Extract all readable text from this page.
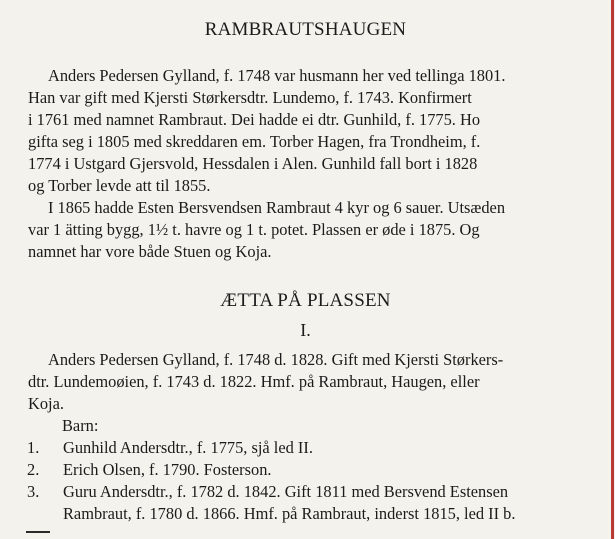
RAMBRAUTSHAUGEN
Anders Pedersen Gylland, f. 1748 var husmann her ved tellinga 1801.
Han var gift med Kjersti Størkersdtr. Lundemo, f. 1743. Konfirmert
i 1761 med namnet Rambraut. Dei hadde ei dtr. Gunhild, f. 1775. Ho
gifta seg i 1805 med skreddaren em. Torber Hagen, fra Trondheim, f.
1774 i Ustgard Gjersvold, Hessdalen i Alen. Gunhild fall bort i 1828
og Torber levde att til 1855.
I 1865 hadde Esten Bersvendsen Rambraut 4 kyr og 6 sauer. Utsæden
var 1 ätting bygg, 1½ t. havre og 1 t. potet. Plassen er øde i 1875. Og
namnet har vore både Stuen og Koja.
ÆTTA PÅ PLASSEN
I.
Anders Pedersen Gylland, f. 1748 d. 1828. Gift med Kjersti Størkers-
dtr. Lundemoøien, f. 1743 d. 1822. Hmf. på Rambraut, Haugen, eller
Koja.
Barn:
1. Gunhild Andersdtr., f. 1775, sjå led II.
2. Erich Olsen, f. 1790. Fosterson.
3. Guru Andersdtr., f. 1782 d. 1842. Gift 1811 med Bersvend Estensen
Rambraut, f. 1780 d. 1866. Hmf. på Rambraut, inderst 1815, led II b.
